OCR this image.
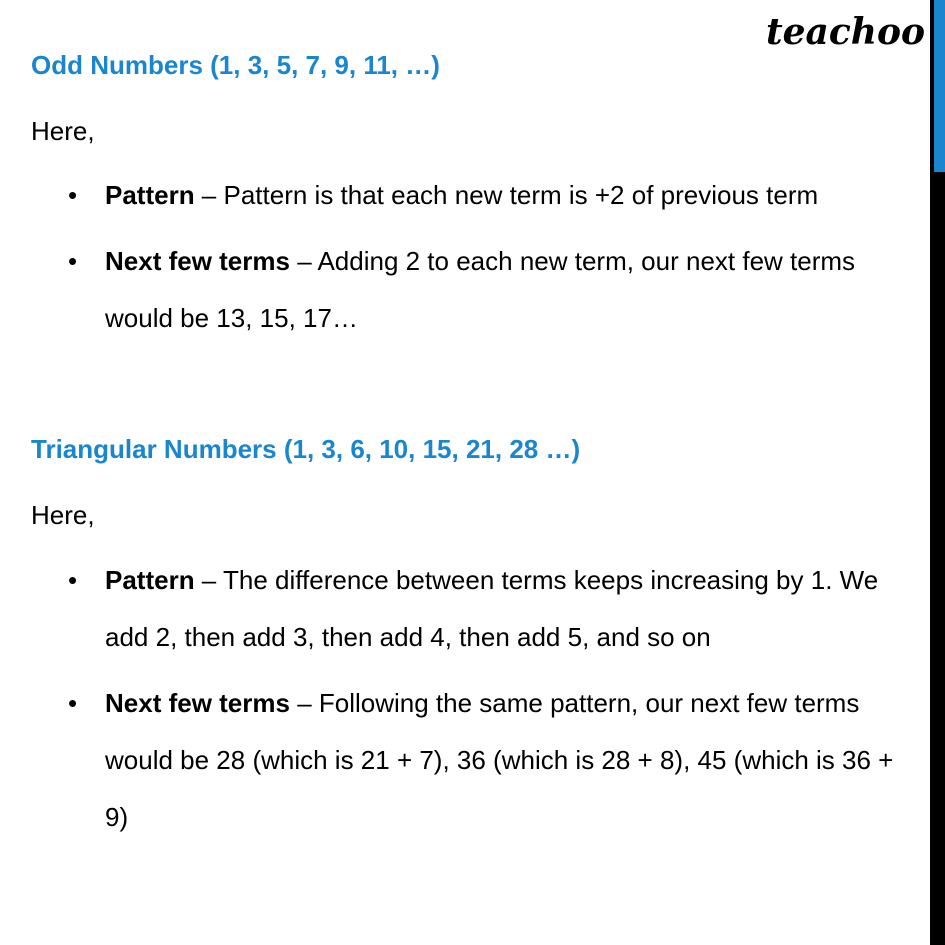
teachoo
Odd Numbers (1, 3, 5, 7, 9, 11, …)
Here,
• Pattern – Pattern is that each new term is +2 of previous term
• Next few terms – Adding 2 to each new term, our next few terms would be 13, 15, 17…
Triangular Numbers (1, 3, 6, 10, 15, 21, 28 …)
Here,
• Pattern – The difference between terms keeps increasing by 1. We add 2, then add 3, then add 4, then add 5, and so on
• Next few terms – Following the same pattern, our next few terms would be 28 (which is 21 + 7), 36 (which is 28 + 8), 45 (which is 36 + 9)
